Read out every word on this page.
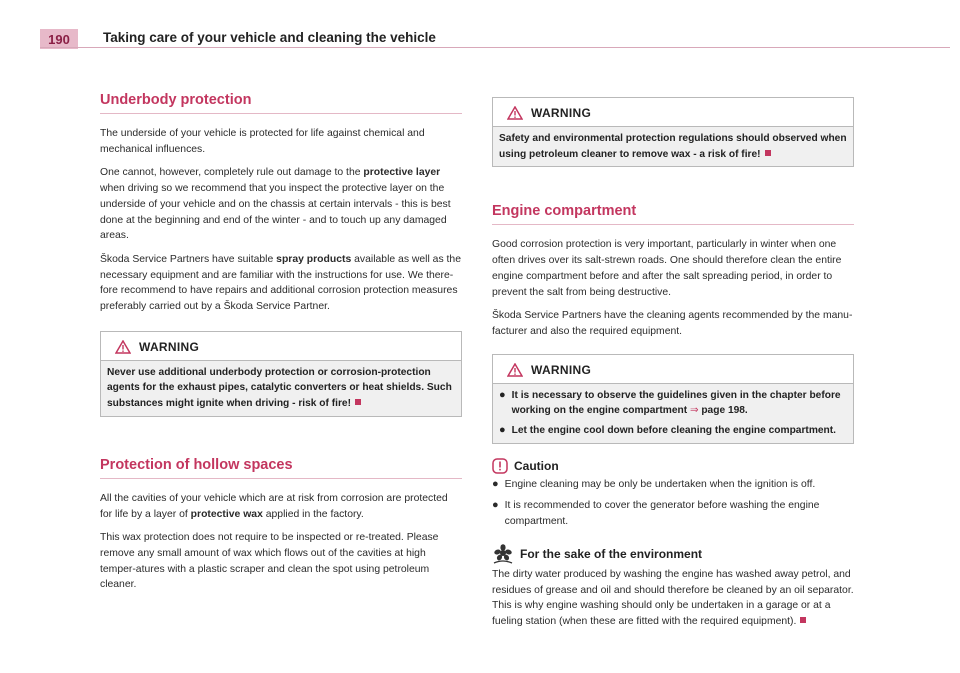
190	Taking care of your vehicle and cleaning the vehicle
Underbody protection

The underside of your vehicle is protected for life against chemical and mechanical influences.

One cannot, however, completely rule out damage to the protective layer when driving so we recommend that you inspect the protective layer on the underside of your vehicle and on the chassis at certain intervals - this is best done at the beginning and end of the winter - and to touch up any damaged areas.

Škoda Service Partners have suitable spray products available as well as the necessary equipment and are familiar with the instructions for use. We there-fore recommend to have repairs and additional corrosion protection measures preferably carried out by a Škoda Service Partner.

WARNING
Never use additional underbody protection or corrosion-protection agents for the exhaust pipes, catalytic converters or heat shields. Such substances might ignite when driving - risk of fire!
Protection of hollow spaces

All the cavities of your vehicle which are at risk from corrosion are protected for life by a layer of protective wax applied in the factory.

This wax protection does not require to be inspected or re-treated. Please remove any small amount of wax which flows out of the cavities at high temper-atures with a plastic scraper and clean the spot using petroleum cleaner.

WARNING
Safety and environmental protection regulations should observed when using petroleum cleaner to remove wax - a risk of fire!
Engine compartment

Good corrosion protection is very important, particularly in winter when one often drives over its salt-strewn roads. One should therefore clean the entire engine compartment before and after the salt spreading period, in order to prevent the salt from being destructive.

Škoda Service Partners have the cleaning agents recommended by the manu-facturer and also the required equipment.

WARNING
● It is necessary to observe the guidelines given in the chapter before working on the engine compartment ⇒ page 198.
● Let the engine cool down before cleaning the engine compartment.
Caution
● Engine cleaning may be only be undertaken when the ignition is off.
● It is recommended to cover the generator before washing the engine compartment.
For the sake of the environment

The dirty water produced by washing the engine has washed away petrol, and residues of grease and oil and should therefore be cleaned by an oil separator. This is why engine washing should only be undertaken in a garage or at a fueling station (when these are fitted with the required equipment).
